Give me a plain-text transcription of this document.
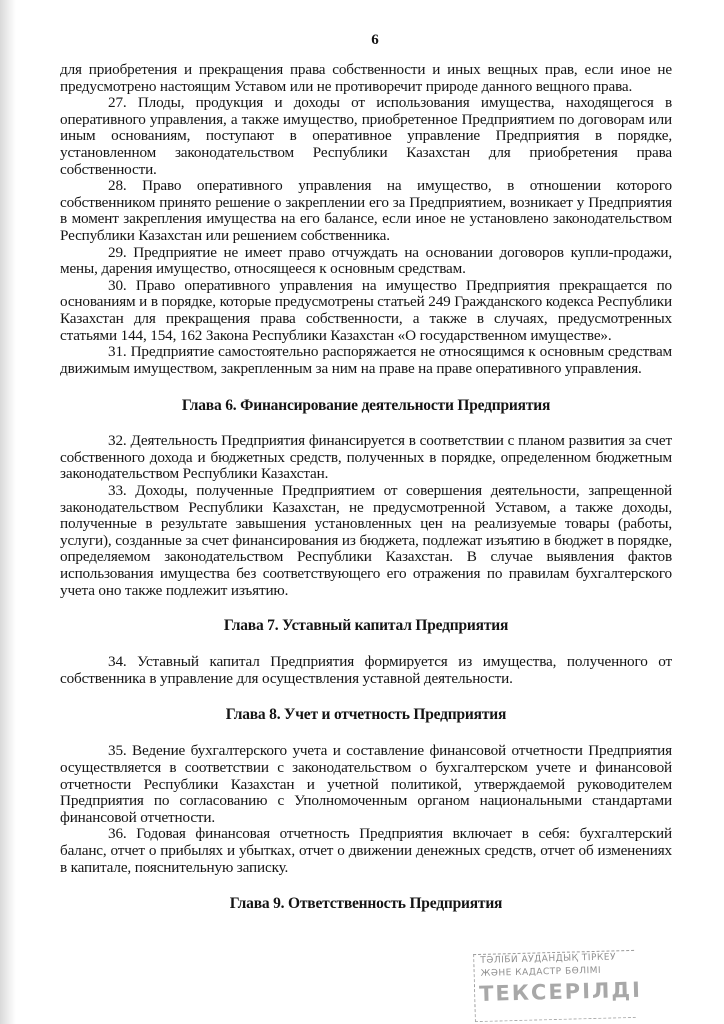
6

для приобретения и прекращения права собственности и иных вещных прав, если иное не предусмотрено настоящим Уставом или не противоречит природе данного вещного права.

27. Плоды, продукция и доходы от использования имущества, находящегося в оперативного управления, а также имущество, приобретенное Предприятием по договорам или иным основаниям, поступают в оперативное управление Предприятия в порядке, установленном законодательством Республики Казахстан для приобретения права собственности.

28. Право оперативного управления на имущество, в отношении которого собственником принято решение о закреплении его за Предприятием, возникает у Предприятия в момент закрепления имущества на его балансе, если иное не установлено законодательством Республики Казахстан или решением собственника.

29. Предприятие не имеет право отчуждать на основании договоров купли-продажи, мены, дарения имущество, относящееся к основным средствам.

30. Право оперативного управления на имущество Предприятия прекращается по основаниям и в порядке, которые предусмотрены статьей 249 Гражданского кодекса Республики Казахстан для прекращения права собственности, а также в случаях, предусмотренных статьями 144, 154, 162 Закона Республики Казахстан «О государственном имуществе».

31. Предприятие самостоятельно распоряжается не относящимся к основным средствам движимым имуществом, закрепленным за ним на праве на праве оперативного управления.

Глава 6. Финансирование деятельности Предприятия

32. Деятельность Предприятия финансируется в соответствии с планом развития за счет собственного дохода и бюджетных средств, полученных в порядке, определенном бюджетным законодательством Республики Казахстан.

33. Доходы, полученные Предприятием от совершения деятельности, запрещенной законодательством Республики Казахстан, не предусмотренной Уставом, а также доходы, полученные в результате завышения установленных цен на реализуемые товары (работы, услуги), созданные за счет финансирования из бюджета, подлежат изъятию в бюджет в порядке, определяемом законодательством Республики Казахстан. В случае выявления фактов использования имущества без соответствующего его отражения по правилам бухгалтерского учета оно также подлежит изъятию.

Глава 7. Уставный капитал Предприятия

34. Уставный капитал Предприятия формируется из имущества, полученного от собственника в управление для осуществления уставной деятельности.

Глава 8. Учет и отчетность Предприятия

35. Ведение бухгалтерского учета и составление финансовой отчетности Предприятия осуществляется в соответствии с законодательством о бухгалтерском учете и финансовой отчетности Республики Казахстан и учетной политикой, утверждаемой руководителем Предприятия по согласованию с Уполномоченным органом национальными стандартами финансовой отчетности.

36. Годовая финансовая отчетность Предприятия включает в себя: бухгалтерский баланс, отчет о прибылях и убытках, отчет о движении денежных средств, отчет об изменениях в капитале, пояснительную записку.

Глава 9. Ответственность Предприятия
ТӘЛІБИ АУДАНДЫҚ ТІРКЕУ
ЖӘНЕ КАДАСТР БӨЛІМІ
ТЕКСЕРІЛДІ
